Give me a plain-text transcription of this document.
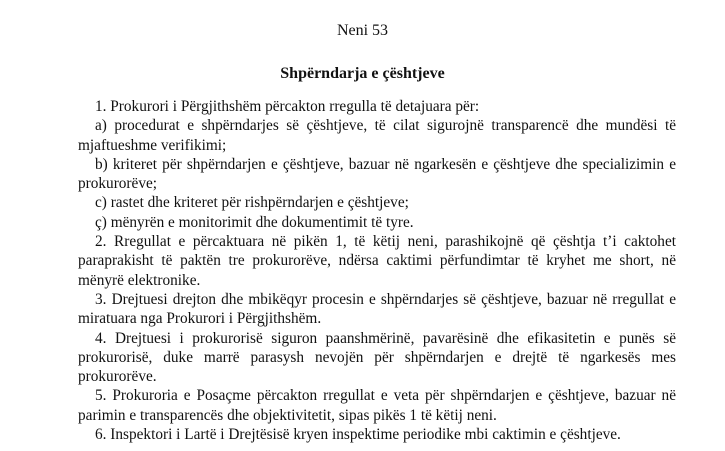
Neni 53
Shpërndarja e çështjeve

1. Prokurori i Përgjithshëm përcakton rregulla të detajuara për:

a) procedurat e shpërndarjes së çështjeve, të cilat sigurojnë transparencë dhe mundësi të mjaftueshme verifikimi;

b) kriteret për shpërndarjen e çështjeve, bazuar në ngarkesën e çështjeve dhe specializimin e prokurorëve;

c) rastet dhe kriteret për rishpërndarjen e çështjeve;

ç) mënyrën e monitorimit dhe dokumentimit të tyre.

2. Rregullat e përcaktuara në pikën 1, të këtij neni, parashikojnë që çështja t’i caktohet paraprakisht të paktën tre prokurorëve, ndërsa caktimi përfundimtar të kryhet me short, në mënyrë elektronike.

3. Drejtuesi drejton dhe mbikëqyr procesin e shpërndarjes së çështjeve, bazuar në rregullat e miratuara nga Prokurori i Përgjithshëm.

4. Drejtuesi i prokurorisë siguron paanshmërinë, pavarësinë dhe efikasitetin e punës së prokurorisë, duke marrë parasysh nevojën për shpërndarjen e drejtë të ngarkesës mes prokurorëve.

5. Prokuroria e Posaçme përcakton rregullat e veta për shpërndarjen e çështjeve, bazuar në parimin e transparencës dhe objektivitetit, sipas pikës 1 të këtij neni.

6. Inspektori i Lartë i Drejtësisë kryen inspektime periodike mbi caktimin e çështjeve.
